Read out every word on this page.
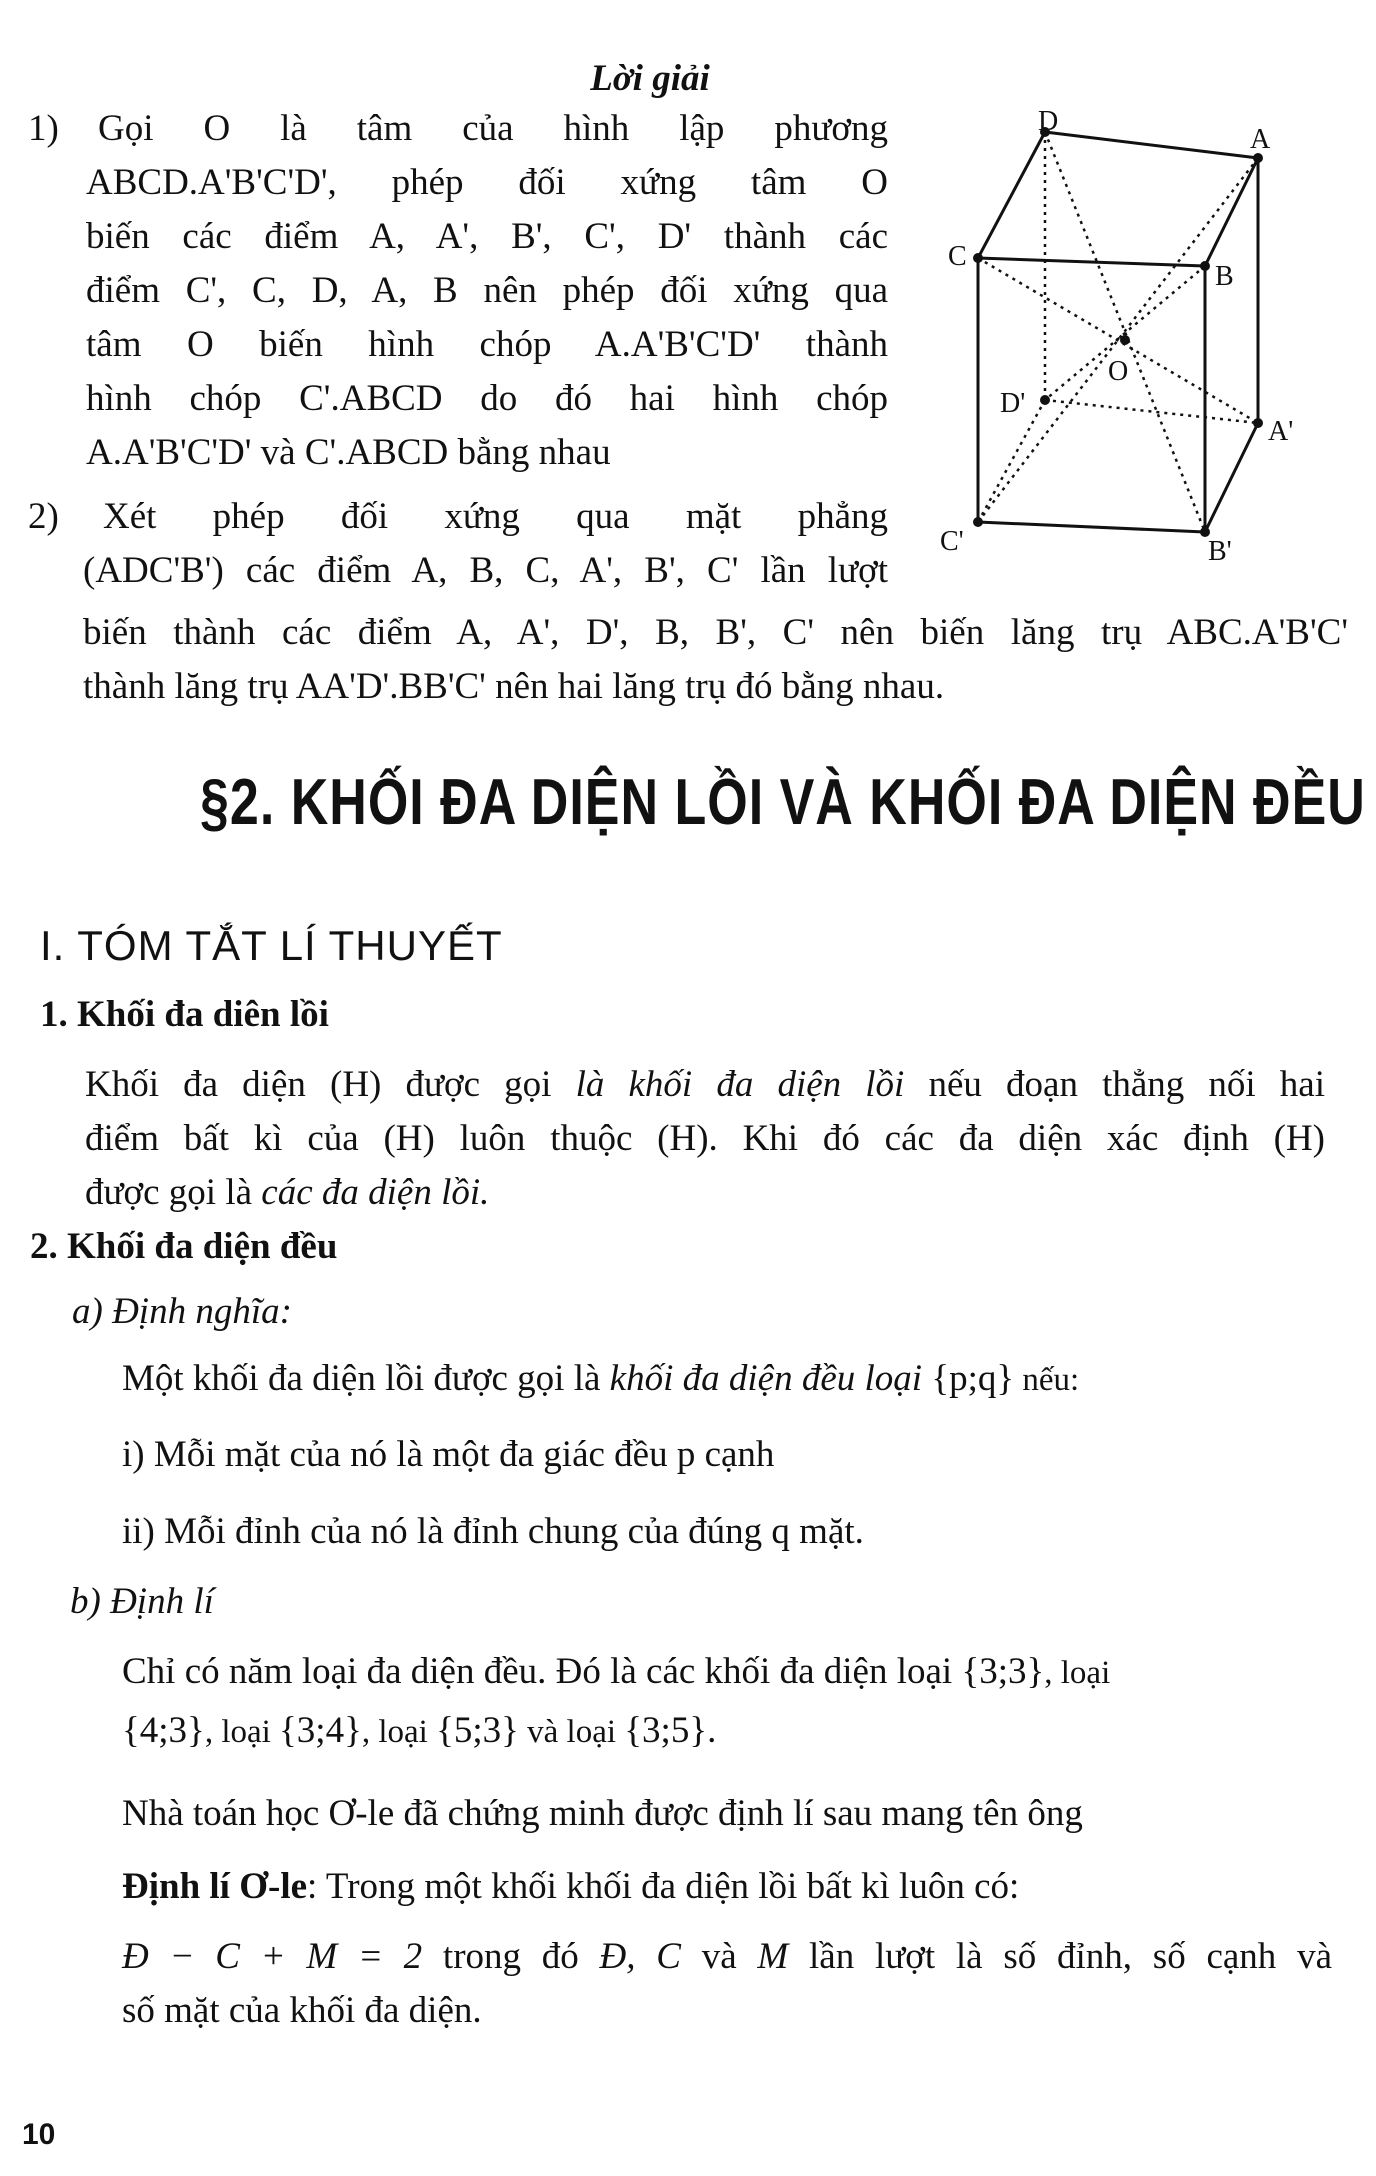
Lời giải
1) Gọi O là tâm của hình lập phương
ABCD.A'B'C'D', phép đối xứng tâm O
biến các điểm A, A', B', C', D' thành các
điểm C', C, D, A, B nên phép đối xứng qua
tâm O biến hình chóp A.A'B'C'D' thành
hình chóp C'.ABCD do đó hai hình chóp
A.A'B'C'D' và C'.ABCD bằng nhau
2) Xét phép đối xứng qua mặt phẳng
(ADC'B') các điểm A, B, C, A', B', C' lần lượt
biến thành các điểm A, A', D', B, B', C' nên biến lăng trụ ABC.A'B'C'
thành lăng trụ AA'D'.BB'C' nên hai lăng trụ đó bằng nhau.
D
A
B
C
O
D'
A'
C'	B'
§2. KHỐI ĐA DIỆN LỒI VÀ KHỐI ĐA DIỆN ĐỀU
I. TÓM TẮT LÍ THUYẾT
1. Khối đa diên lồi
Khối đa diện (H) được gọi là khối đa diện lồi nếu đoạn thẳng nối hai
điểm bất kì của (H) luôn thuộc (H). Khi đó các đa diện xác định (H)
được gọi là các đa diện lồi.
2. Khối đa diện đều
a) Định nghĩa:
Một khối đa diện lồi được gọi là khối đa diện đều loại {p;q} nếu:
i) Mỗi mặt của nó là một đa giác đều p cạnh
ii) Mỗi đỉnh của nó là đỉnh chung của đúng q mặt.
b) Định lí
Chỉ có năm loại đa diện đều. Đó là các khối đa diện loại {3;3}, loại
{4;3}, loại {3;4}, loại {5;3} và loại {3;5}.
Nhà toán học Ơ-le đã chứng minh được định lí sau mang tên ông
Định lí Ơ-le: Trong một khối khối đa diện lồi bất kì luôn có:
Đ − C + M = 2 trong đó Đ, C và M lần lượt là số đỉnh, số cạnh và
số mặt của khối đa diện.
10
